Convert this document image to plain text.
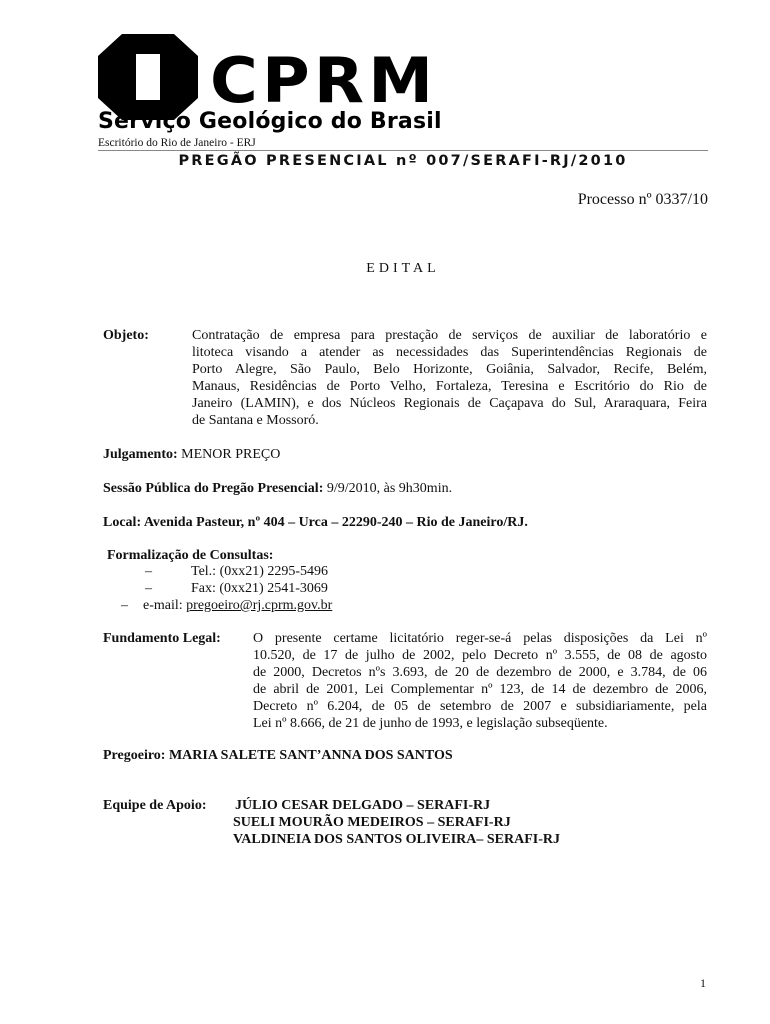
CPRM
Serviço Geológico do Brasil
Escritório do Rio de Janeiro - ERJ
PREGÃO PRESENCIAL nº 007/SERAFI-RJ/2010
Processo nº 0337/10
EDITAL
Objeto:	Contratação de empresa para prestação de serviços de auxiliar de laboratório e
litoteca visando a atender as necessidades das Superintendências Regionais de
Porto Alegre, São Paulo, Belo Horizonte, Goiânia, Salvador, Recife, Belém,
Manaus, Residências de Porto Velho, Fortaleza, Teresina e Escritório do Rio de
Janeiro (LAMIN), e dos Núcleos Regionais de Caçapava do Sul, Araraquara, Feira
de Santana e Mossoró.
Julgamento: MENOR PREÇO
Sessão Pública do Pregão Presencial: 9/9/2010, às 9h30min.
Local: Avenida Pasteur, nº 404 – Urca – 22290-240 – Rio de Janeiro/RJ.
Formalização de Consultas:
–	Tel.: (0xx21) 2295-5496
–	Fax: (0xx21) 2541-3069
– e-mail: pregoeiro@rj.cprm.gov.br
Fundamento Legal: O presente certame licitatório reger-se-á pelas disposições da Lei nº
10.520, de 17 de julho de 2002, pelo Decreto nº 3.555, de 08 de agosto
de 2000, Decretos nºs 3.693, de 20 de dezembro de 2000, e 3.784, de 06
de abril de 2001, Lei Complementar nº 123, de 14 de dezembro de 2006,
Decreto nº 6.204, de 05 de setembro de 2007 e subsidiariamente, pela
Lei nº 8.666, de 21 de junho de 1993, e legislação subseqüente.
Pregoeiro: MARIA SALETE SANT’ANNA DOS SANTOS
Equipe de Apoio: JÚLIO CESAR DELGADO – SERAFI-RJ
SUELI MOURÃO MEDEIROS – SERAFI-RJ
VALDINEIA DOS SANTOS OLIVEIRA– SERAFI-RJ
1
